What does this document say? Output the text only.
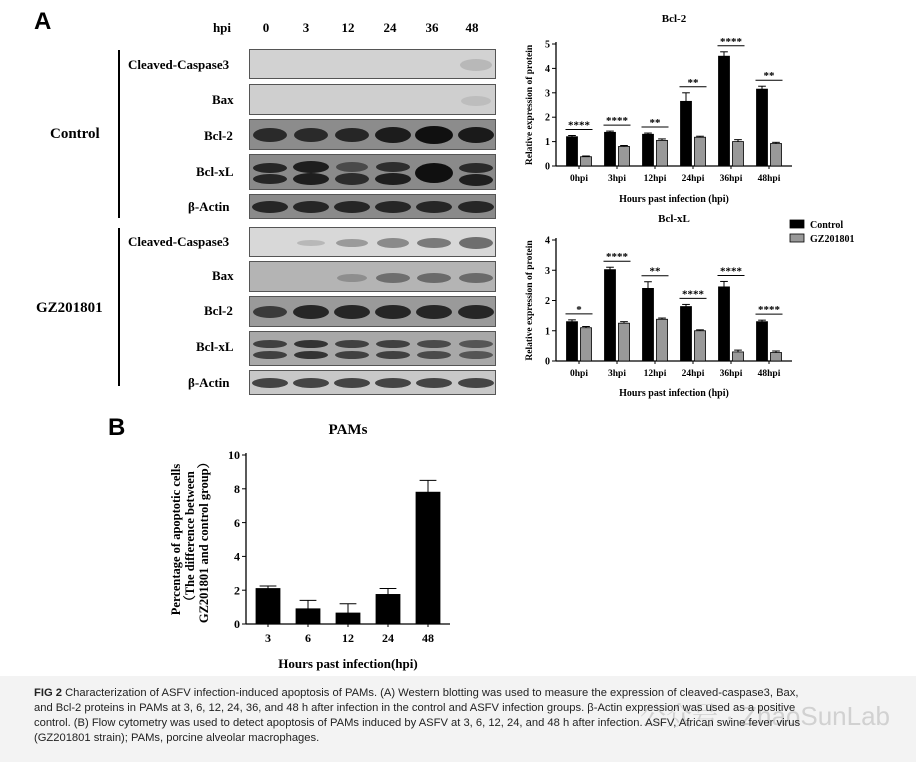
A
B
hpi	0	3	12	24	36	48
Control
GZ201801
Cleaved-Caspase3
Bax
Bcl-2
Bcl-xL
β-Actin
Cleaved-Caspase3
Bax
Bcl-2
Bcl-xL
β-Actin
Bcl-2
0
1
2
3
4
5
****
0hpi
****
3hpi
**
12hpi
**
24hpi
****
36hpi
**
48hpi
Hours past infection (hpi)
Relative expression of protein
Bcl-xL
0
1
2
3
4
*
0hpi
****
3hpi
**
12hpi
****
24hpi
****
36hpi
****
48hpi
Hours past infection (hpi)
Relative expression of protein
Control
GZ201801
PAMs
0
2
4
6
8
10
3	6	12 24 48
Hours past infection(hpi)
Percentage of apoptotic cells （The difference between GZ201801 and control group）
公众号 · ZhaoSunLab
FIG 2 Characterization of ASFV infection-induced apoptosis of PAMs. (A) Western blotting was used to measure the expression of cleaved-caspase3, Bax,
and Bcl-2 proteins in PAMs at 3, 6, 12, 24, 36, and 48 h after infection in the control and ASFV infection groups. β-Actin expression was used as a positive
control. (B) Flow cytometry was used to detect apoptosis of PAMs induced by ASFV at 3, 6, 12, 24, and 48 h after infection. ASFV, African swine fever virus
(GZ201801 strain); PAMs, porcine alveolar macrophages.
